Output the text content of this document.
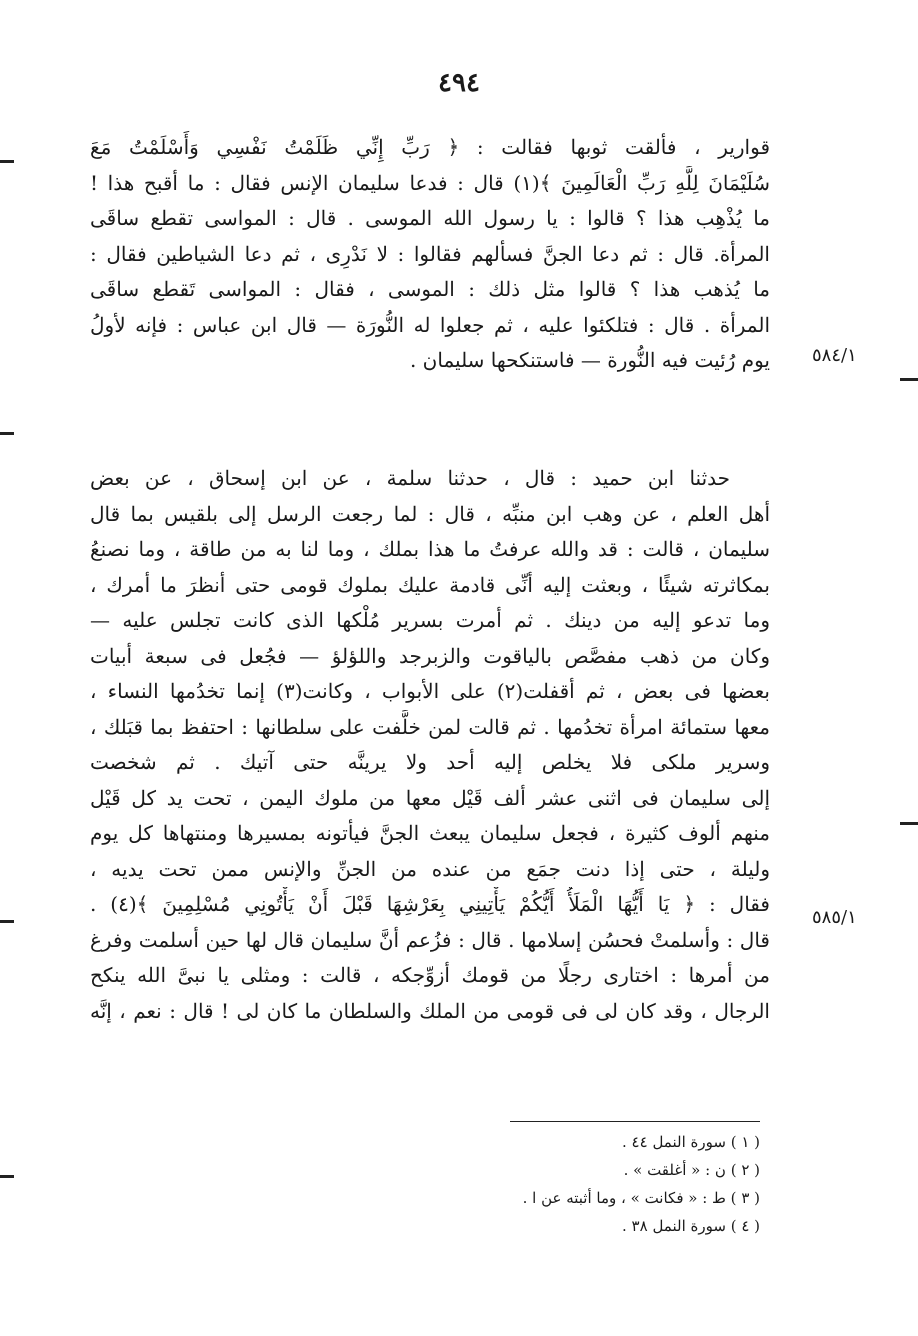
٤٩٤
٥٨٤/١
٥٨٥/١
قوارير ، فألقت ثوبها فقالت : ﴿ رَبِّ إِنِّي ظَلَمْتُ نَفْسِي وَأَسْلَمْتُ مَعَ
سُلَيْمَانَ لِلَّهِ رَبِّ الْعَالَمِينَ ﴾(١) قال : فدعا سليمان الإنس فقال : ما أقبح هذا !
ما يُذْهِب هذا ؟ قالوا : يا رسول الله الموسى . قال : المواسى تقطع ساقَى
المرأة. قال : ثم دعا الجنَّ فسألهم فقالوا : لا نَدْرِى ، ثم دعا الشياطين فقال :
ما يُذهب هذا ؟ قالوا مثل ذلك : الموسى ، فقال : المواسى تَقطع ساقَى
المرأة . قال : فتلكئوا عليه ، ثم جعلوا له النُّورَة — قال ابن عباس : فإنه لأولُ
يوم رُئيت فيه النُّورة — فاستنكحها سليمان .
حدثنا ابن حميد : قال ، حدثنا سلمة ، عن ابن إسحاق ، عن بعض
أهل العلم ، عن وهب ابن منبِّه ، قال : لما رجعت الرسل إلى بلقيس بما قال
سليمان ، قالت : قد والله عرفتُ ما هذا بملك ، وما لنا به من طاقة ، وما نصنعُ
بمكاثرته شيئًا ، وبعثت إليه أنِّى قادمة عليك بملوك قومى حتى أنظرَ ما أمرك ،
وما تدعو إليه من دينك . ثم أمرت بسرير مُلْكها الذى كانت تجلس عليه —
وكان من ذهب مفصَّص بالياقوت والزبرجد واللؤلؤ — فجُعل فى سبعة أبيات
بعضها فى بعض ، ثم أقفلت(٢) على الأبواب ، وكانت(٣) إنما تخدُمها النساء ،
معها ستمائة امرأة تخدُمها . ثم قالت لمن خلَّفت على سلطانها : احتفظ بما قبَلك ،
وسرير ملكى فلا يخلص إليه أحد ولا يرينَّه حتى آتيك . ثم شخصت
إلى سليمان فى اثنى عشر ألف قَيْل معها من ملوك اليمن ، تحت يد كل قَيْل
منهم ألوف كثيرة ، فجعل سليمان يبعث الجنَّ فيأتونه بمسيرها ومنتهاها كل يوم
وليلة ، حتى إذا دنت جمَع من عنده من الجنِّ والإنس ممن تحت يديه ،
فقال : ﴿ يَا أَيُّهَا الْمَلَأُ أَيُّكُمْ يَأْتِينِي بِعَرْشِهَا قَبْلَ أَنْ يَأْتُونِي مُسْلِمِينَ ﴾(٤) .
قال : وأسلمتْ فحسُن إسلامها . قال : فزُعم أنَّ سليمان قال لها حين أسلمت وفرغ
من أمرها : اختارى رجلًا من قومك أزوِّجكه ، قالت : ومثلى يا نبىَّ الله ينكح
الرجال ، وقد كان لى فى قومى من الملك والسلطان ما كان لى ! قال : نعم ، إنَّه
( ١ ) سورة النمل ٤٤ .
( ٢ ) ن : « أغلقت » .
( ٣ ) ط : « فكانت » ، وما أثبته عن ا .
( ٤ ) سورة النمل ٣٨ .
